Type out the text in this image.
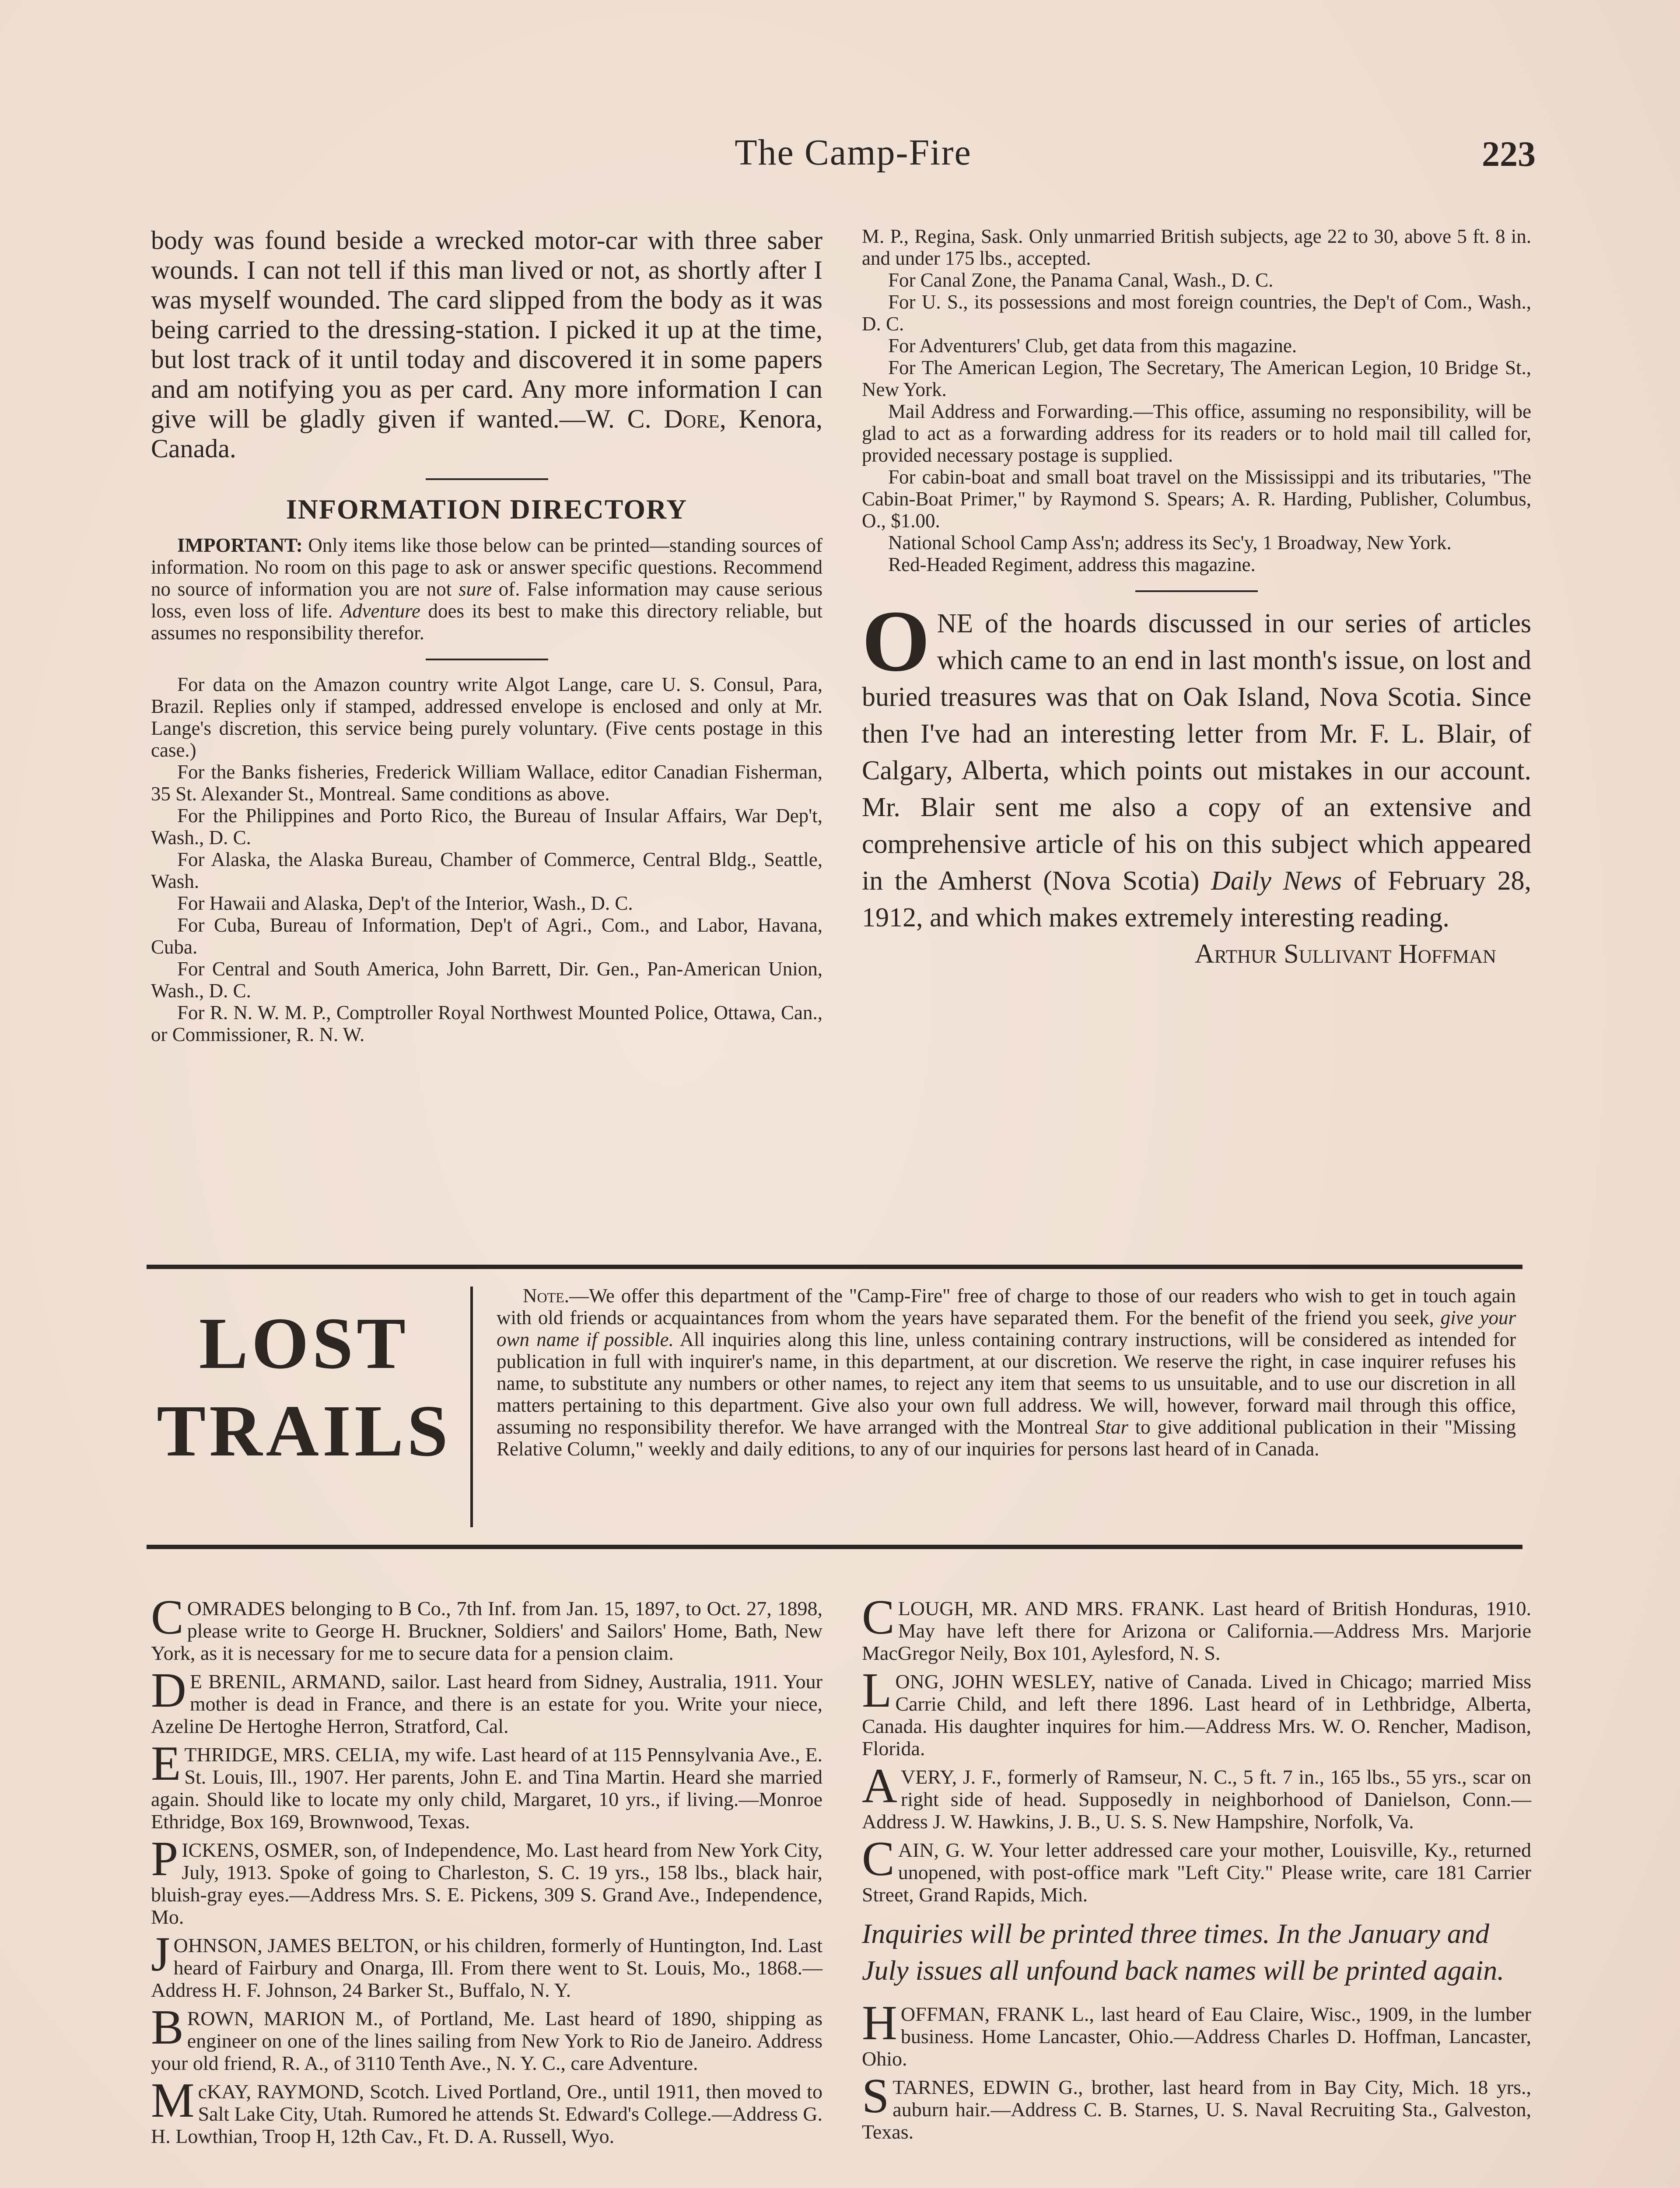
The Camp-Fire	223

body was found beside a wrecked motor-car with three saber wounds. I can not tell if this man lived or not, as shortly after I was myself wounded. The card slipped from the body as it was being carried to the dressing-station. I picked it up at the time, but lost track of it until today and discovered it in some papers and am notifying you as per card. Any more information I can give will be gladly given if wanted.—W. C. Dore, Kenora, Canada.

INFORMATION DIRECTORY

IMPORTANT: Only items like those below can be printed—standing sources of information. No room on this page to ask or answer specific questions. Recommend no source of information you are not sure of. False information may cause serious loss, even loss of life. Adventure does its best to make this directory reliable, but assumes no responsibility therefor.

For data on the Amazon country write Algot Lange, care U. S. Consul, Para, Brazil. Replies only if stamped, addressed envelope is enclosed and only at Mr. Lange's discretion, this service being purely voluntary. (Five cents postage in this case.)

For the Banks fisheries, Frederick William Wallace, editor Canadian Fisherman, 35 St. Alexander St., Montreal. Same conditions as above.

For the Philippines and Porto Rico, the Bureau of Insular Affairs, War Dep't, Wash., D. C.

For Alaska, the Alaska Bureau, Chamber of Commerce, Central Bldg., Seattle, Wash.

For Hawaii and Alaska, Dep't of the Interior, Wash., D. C.

For Cuba, Bureau of Information, Dep't of Agri., Com., and Labor, Havana, Cuba.

For Central and South America, John Barrett, Dir. Gen., Pan-American Union, Wash., D. C.

For R. N. W. M. P., Comptroller Royal Northwest Mounted Police, Ottawa, Can., or Commissioner, R. N. W.

M. P., Regina, Sask. Only unmarried British subjects, age 22 to 30, above 5 ft. 8 in. and under 175 lbs., accepted.

For Canal Zone, the Panama Canal, Wash., D. C.

For U. S., its possessions and most foreign countries, the Dep't of Com., Wash., D. C.

For Adventurers' Club, get data from this magazine.

For The American Legion, The Secretary, The American Legion, 10 Bridge St., New York.

Mail Address and Forwarding.—This office, assuming no responsibility, will be glad to act as a forwarding address for its readers or to hold mail till called for, provided necessary postage is supplied.

For cabin-boat and small boat travel on the Mississippi and its tributaries, "The Cabin-Boat Primer," by Raymond S. Spears; A. R. Harding, Publisher, Columbus, O., $1.00.

National School Camp Ass'n; address its Sec'y, 1 Broadway, New York.

Red-Headed Regiment, address this magazine.

ONE of the hoards discussed in our series of articles which came to an end in last month's issue, on lost and buried treasures was that on Oak Island, Nova Scotia. Since then I've had an interesting letter from Mr. F. L. Blair, of Calgary, Alberta, which points out mistakes in our account. Mr. Blair sent me also a copy of an extensive and comprehensive article of his on this subject which appeared in the Amherst (Nova Scotia) Daily News of February 28, 1912, and which makes extremely interesting reading.

Arthur Sullivant Hoffman
LOST
TRAILS

Note.—We offer this department of the "Camp-Fire" free of charge to those of our readers who wish to get in touch again with old friends or acquaintances from whom the years have separated them. For the benefit of the friend you seek, give your own name if possible. All inquiries along this line, unless containing contrary instructions, will be considered as intended for publication in full with inquirer's name, in this department, at our discretion. We reserve the right, in case inquirer refuses his name, to substitute any numbers or other names, to reject any item that seems to us unsuitable, and to use our discretion in all matters pertaining to this department. Give also your own full address. We will, however, forward mail through this office, assuming no responsibility therefor. We have arranged with the Montreal Star to give additional publication in their "Missing Relative Column," weekly and daily editions, to any of our inquiries for persons last heard of in Canada.

COMRADES belonging to B Co., 7th Inf. from Jan. 15, 1897, to Oct. 27, 1898, please write to George H. Bruckner, Soldiers' and Sailors' Home, Bath, New York, as it is necessary for me to secure data for a pension claim.

D E BRENIL, ARMAND, sailor. Last heard from Sidney, Australia, 1911. Your mother is dead in France, and there is an estate for you. Write your niece, Azeline De Hertoghe Herron, Stratford, Cal.

ETHRIDGE, MRS. CELIA, my wife. Last heard of at 115 Pennsylvania Ave., E. St. Louis, Ill., 1907. Her parents, John E. and Tina Martin. Heard she married again. Should like to locate my only child, Margaret, 10 yrs., if living.—Monroe Ethridge, Box 169, Brownwood, Texas.

PICKENS, OSMER, son, of Independence, Mo. Last heard from New York City, July, 1913. Spoke of going to Charleston, S. C. 19 yrs., 158 lbs., black hair, bluish-gray eyes.—Address Mrs. S. E. Pickens, 309 S. Grand Ave., Independence, Mo.

JOHNSON, JAMES BELTON, or his children, formerly of Huntington, Ind. Last heard of Fairbury and Onarga, Ill. From there went to St. Louis, Mo., 1868.—Address H. F. Johnson, 24 Barker St., Buffalo, N. Y.

BROWN, MARION M., of Portland, Me. Last heard of 1890, shipping as engineer on one of the lines sailing from New York to Rio de Janeiro. Address your old friend, R. A., of 3110 Tenth Ave., N. Y. C., care Adventure.

McKAY, RAYMOND, Scotch. Lived Portland, Ore., until 1911, then moved to Salt Lake City, Utah. Rumored he attends St. Edward's College.—Address G. H. Lowthian, Troop H, 12th Cav., Ft. D. A. Russell, Wyo.

CLOUGH, MR. AND MRS. FRANK. Last heard of British Honduras, 1910. May have left there for Arizona or California.—Address Mrs. Marjorie MacGregor Neily, Box 101, Aylesford, N. S.

LONG, JOHN WESLEY, native of Canada. Lived in Chicago; married Miss Carrie Child, and left there 1896. Last heard of in Lethbridge, Alberta, Canada. His daughter inquires for him.—Address Mrs. W. O. Rencher, Madison, Florida.

AVERY, J. F., formerly of Ramseur, N. C., 5 ft. 7 in., 165 lbs., 55 yrs., scar on right side of head. Supposedly in neighborhood of Danielson, Conn.—Address J. W. Hawkins, J. B., U. S. S. New Hampshire, Norfolk, Va.

CAIN, G. W. Your letter addressed care your mother, Louisville, Ky., returned unopened, with post-office mark "Left City." Please write, care 181 Carrier Street, Grand Rapids, Mich.

Inquiries will be printed three times. In the January and July issues all unfound back names will be printed again.

HOFFMAN, FRANK L., last heard of Eau Claire, Wisc., 1909, in the lumber business. Home Lancaster, Ohio.—Address Charles D. Hoffman, Lancaster, Ohio.

STARNES, EDWIN G., brother, last heard from in Bay City, Mich. 18 yrs., auburn hair.—Address C. B. Starnes, U. S. Naval Recruiting Sta., Galveston, Texas.
